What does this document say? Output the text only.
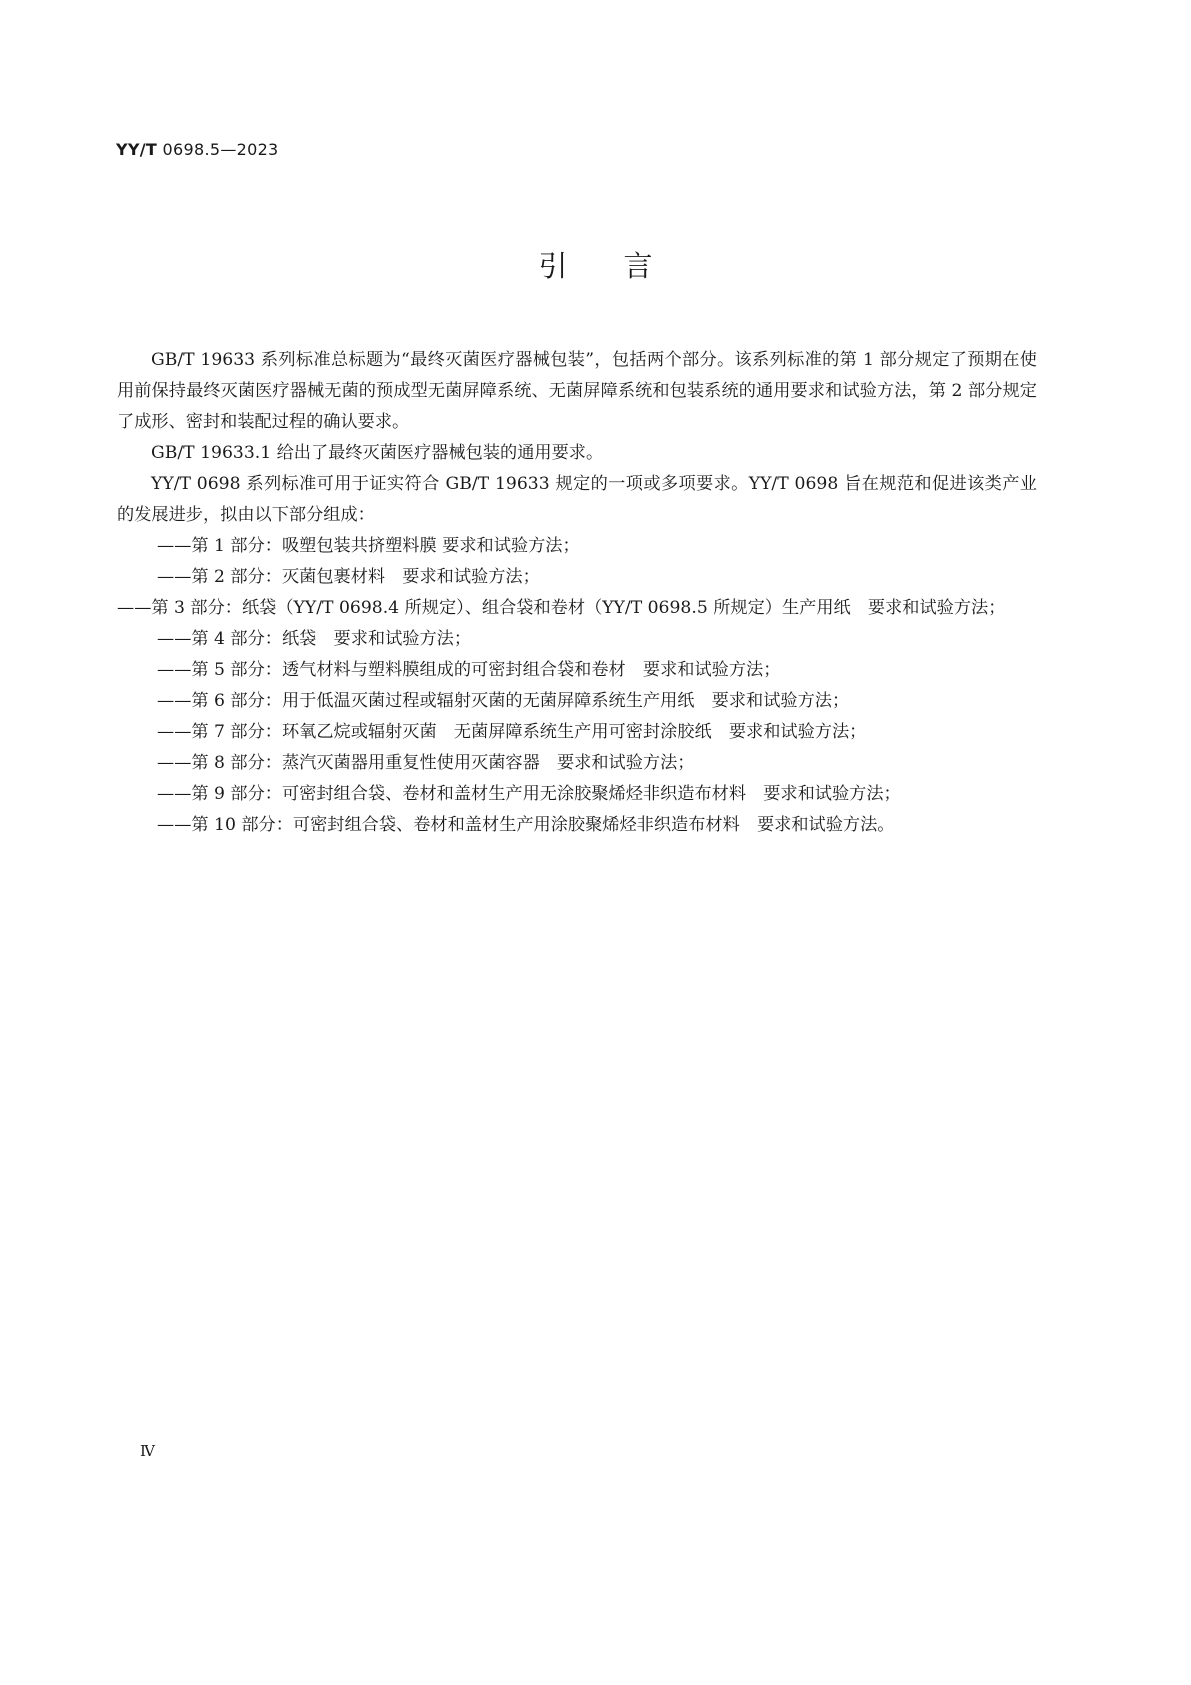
YY/T 0698.5—2023
引言

GB/T 19633 系列标准总标题为“最终灭菌医疗器械包装”，包括两个部分。该系列标准的第 1 部分规定了预期在使用前保持最终灭菌医疗器械无菌的预成型无菌屏障系统、无菌屏障系统和包装系统的通用要求和试验方法，第 2 部分规定了成形、密封和装配过程的确认要求。

GB/T 19633.1 给出了最终灭菌医疗器械包装的通用要求。

YY/T 0698 系列标准可用于证实符合 GB/T 19633 规定的一项或多项要求。YY/T 0698 旨在规范和促进该类产业的发展进步，拟由以下部分组成：

——第 1 部分：吸塑包装共挤塑料膜 要求和试验方法；
——第 2 部分：灭菌包裹材料　要求和试验方法；
——第 3 部分：纸袋（YY/T 0698.4 所规定）、组合袋和卷材（YY/T 0698.5 所规定）生产用纸　要求和试验方法；
——第 4 部分：纸袋　要求和试验方法；
——第 5 部分：透气材料与塑料膜组成的可密封组合袋和卷材　要求和试验方法；
——第 6 部分：用于低温灭菌过程或辐射灭菌的无菌屏障系统生产用纸　要求和试验方法；
——第 7 部分：环氧乙烷或辐射灭菌　无菌屏障系统生产用可密封涂胶纸　要求和试验方法；
——第 8 部分：蒸汽灭菌器用重复性使用灭菌容器　要求和试验方法；
——第 9 部分：可密封组合袋、卷材和盖材生产用无涂胶聚烯烃非织造布材料　要求和试验方法；
——第 10 部分：可密封组合袋、卷材和盖材生产用涂胶聚烯烃非织造布材料　要求和试验方法。
Ⅳ
